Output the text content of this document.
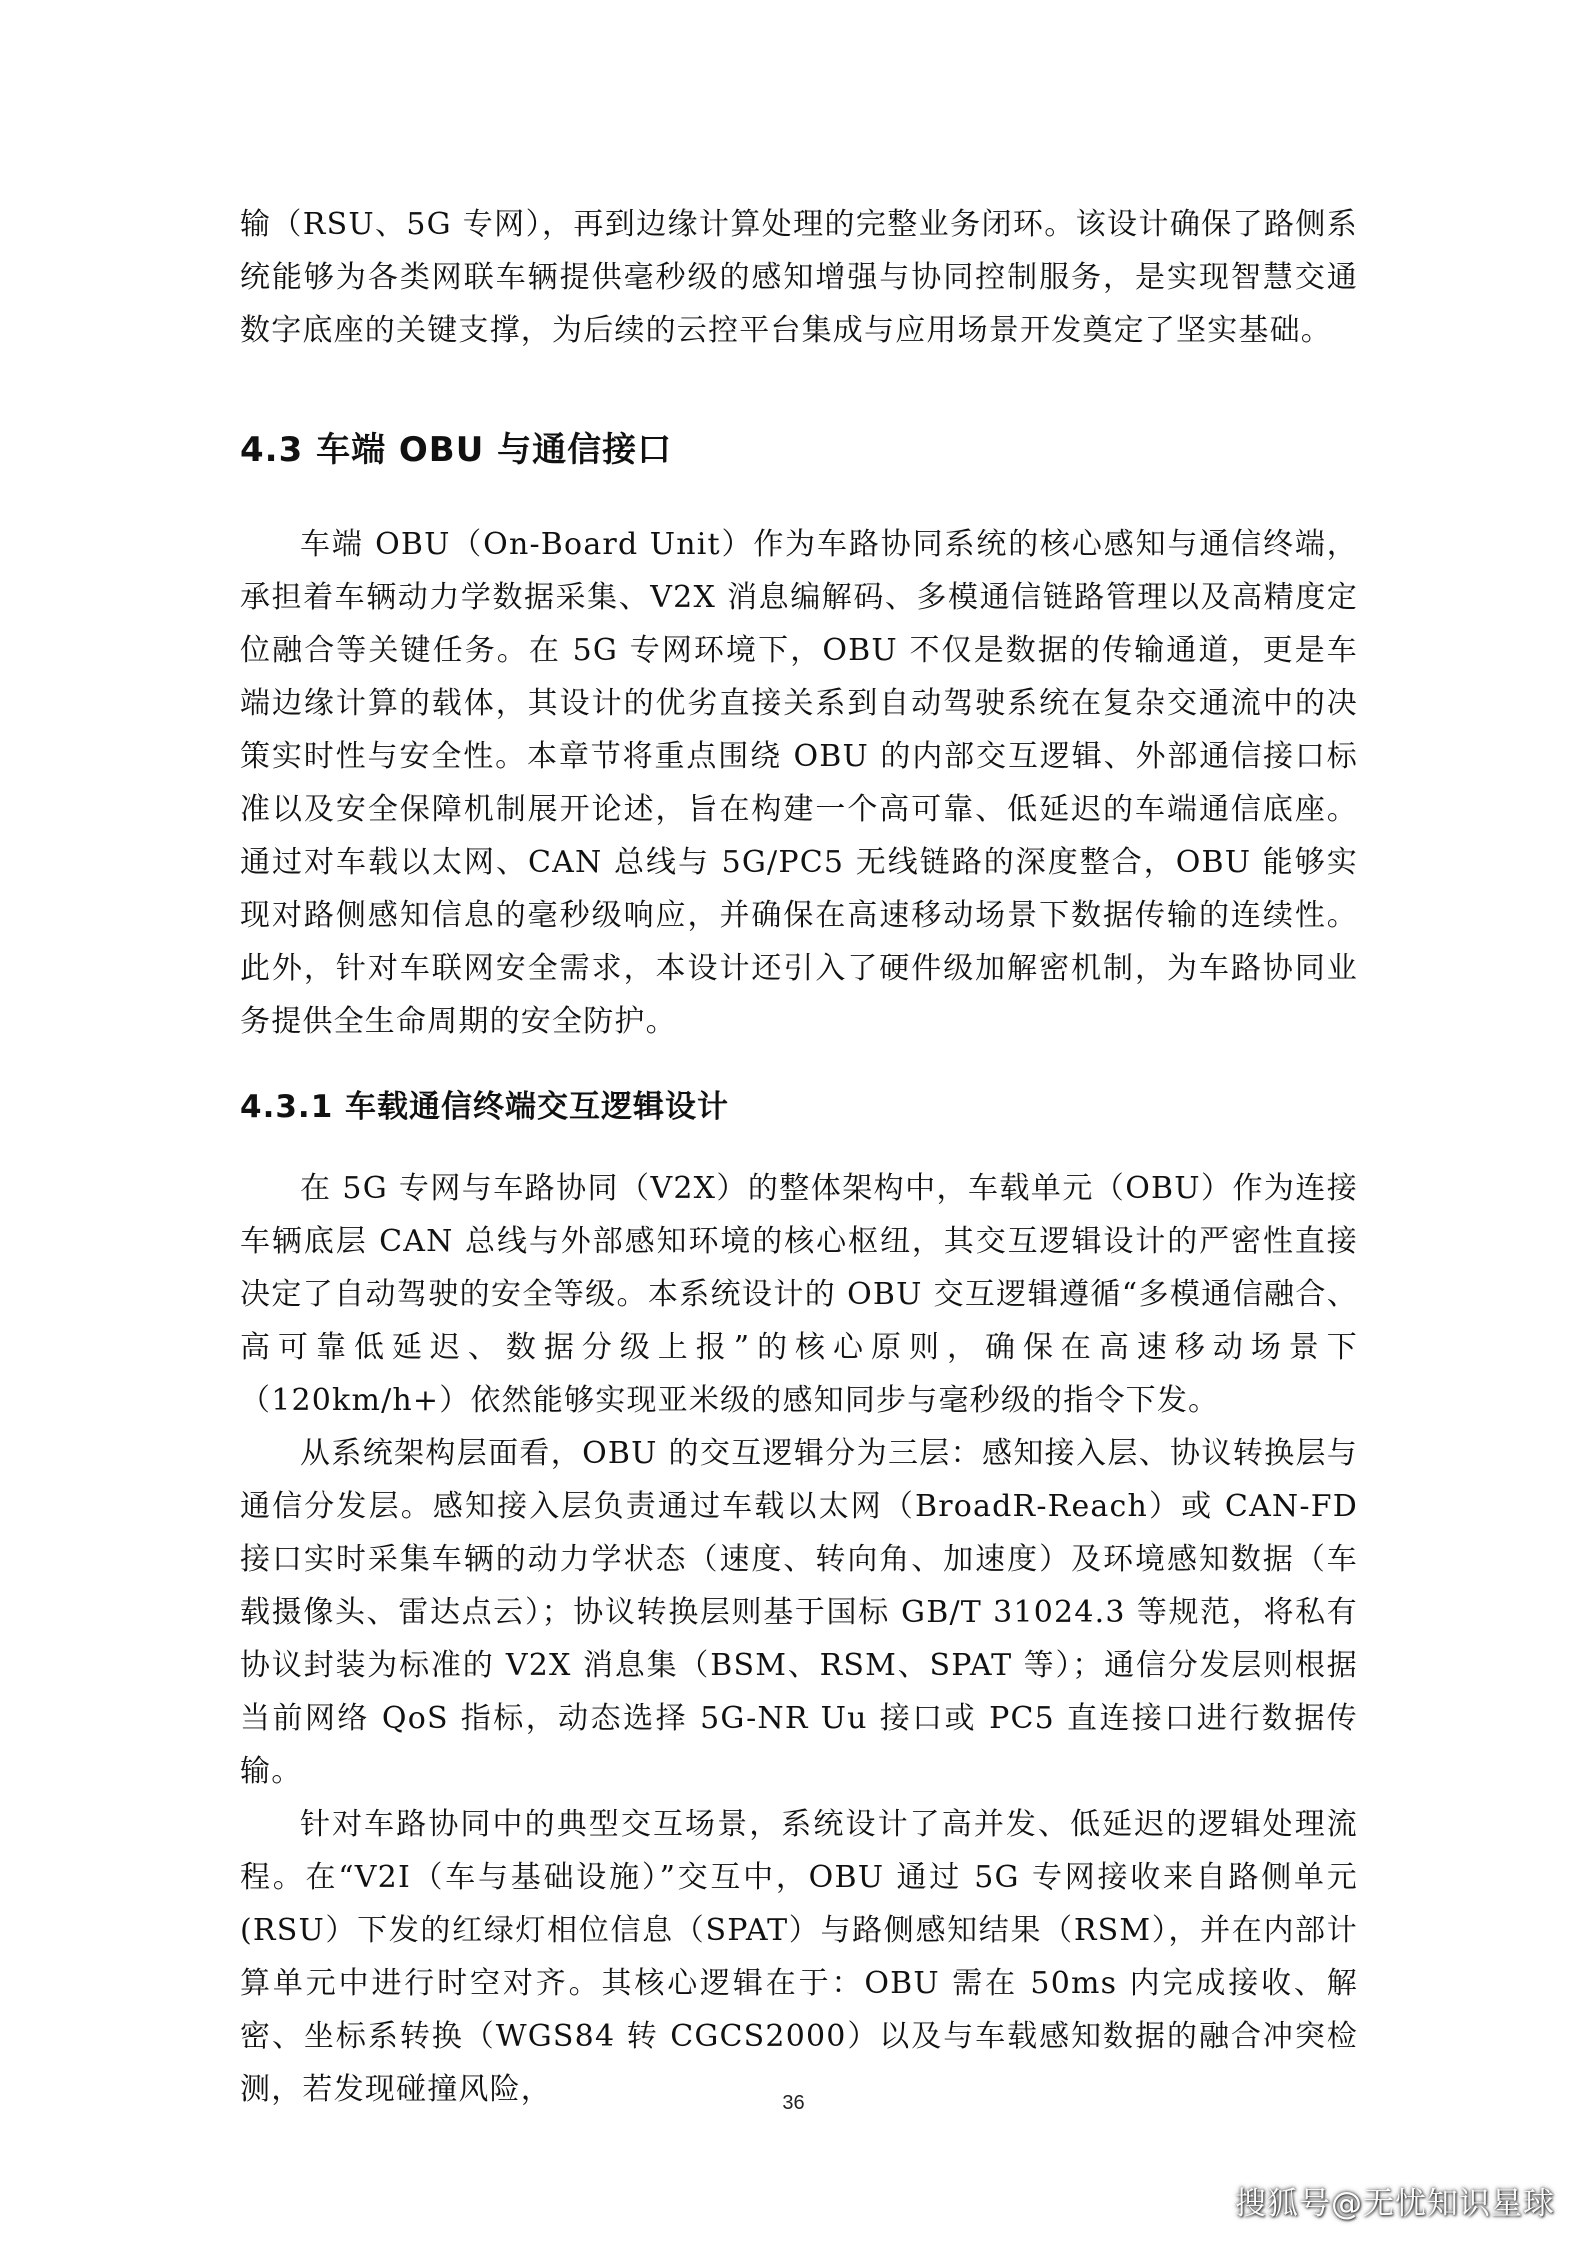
输（RSU、5G 专网），再到边缘计算处理的完整业务闭环。该设计确保了路侧系统能够为各类网联车辆提供毫秒级的感知增强与协同控制服务，是实现智慧交通数字底座的关键支撑，为后续的云控平台集成与应用场景开发奠定了坚实基础。

4.3 车端 OBU 与通信接口

车端 OBU（On-Board Unit）作为车路协同系统的核心感知与通信终端，承担着车辆动力学数据采集、V2X 消息编解码、多模通信链路管理以及高精度定位融合等关键任务。在 5G 专网环境下，OBU 不仅是数据的传输通道，更是车端边缘计算的载体，其设计的优劣直接关系到自动驾驶系统在复杂交通流中的决策实时性与安全性。本章节将重点围绕 OBU 的内部交互逻辑、外部通信接口标准以及安全保障机制展开论述，旨在构建一个高可靠、低延迟的车端通信底座。通过对车载以太网、CAN 总线与 5G/PC5 无线链路的深度整合，OBU 能够实现对路侧感知信息的毫秒级响应，并确保在高速移动场景下数据传输的连续性。此外，针对车联网安全需求，本设计还引入了硬件级加解密机制，为车路协同业务提供全生命周期的安全防护。

4.3.1 车载通信终端交互逻辑设计

在 5G 专网与车路协同（V2X）的整体架构中，车载单元（OBU）作为连接车辆底层 CAN 总线与外部感知环境的核心枢纽，其交互逻辑设计的严密性直接决定了自动驾驶的安全等级。本系统设计的 OBU 交互逻辑遵循“多模通信融合、高可靠低延迟、数据分级上报”的核心原则，确保在高速移动场景下（120km/h+）依然能够实现亚米级的感知同步与毫秒级的指令下发。

从系统架构层面看，OBU 的交互逻辑分为三层：感知接入层、协议转换层与通信分发层。感知接入层负责通过车载以太网（BroadR-Reach）或 CAN-FD 接口实时采集车辆的动力学状态（速度、转向角、加速度）及环境感知数据（车载摄像头、雷达点云）；协议转换层则基于国标 GB/T 31024.3 等规范，将私有协议封装为标准的 V2X 消息集（BSM、RSM、SPAT 等）；通信分发层则根据当前网络 QoS 指标，动态选择 5G-NR Uu 接口或 PC5 直连接口进行数据传输。

针对车路协同中的典型交互场景，系统设计了高并发、低延迟的逻辑处理流程。在“V2I（车与基础设施）”交互中，OBU 通过 5G 专网接收来自路侧单元(RSU）下发的红绿灯相位信息（SPAT）与路侧感知结果（RSM），并在内部计算单元中进行时空对齐。其核心逻辑在于：OBU 需在 50ms 内完成接收、解密、坐标系转换（WGS84 转 CGCS2000）以及与车载感知数据的融合冲突检测，若发现碰撞风险，	36
搜狐号@无忧知识星球
